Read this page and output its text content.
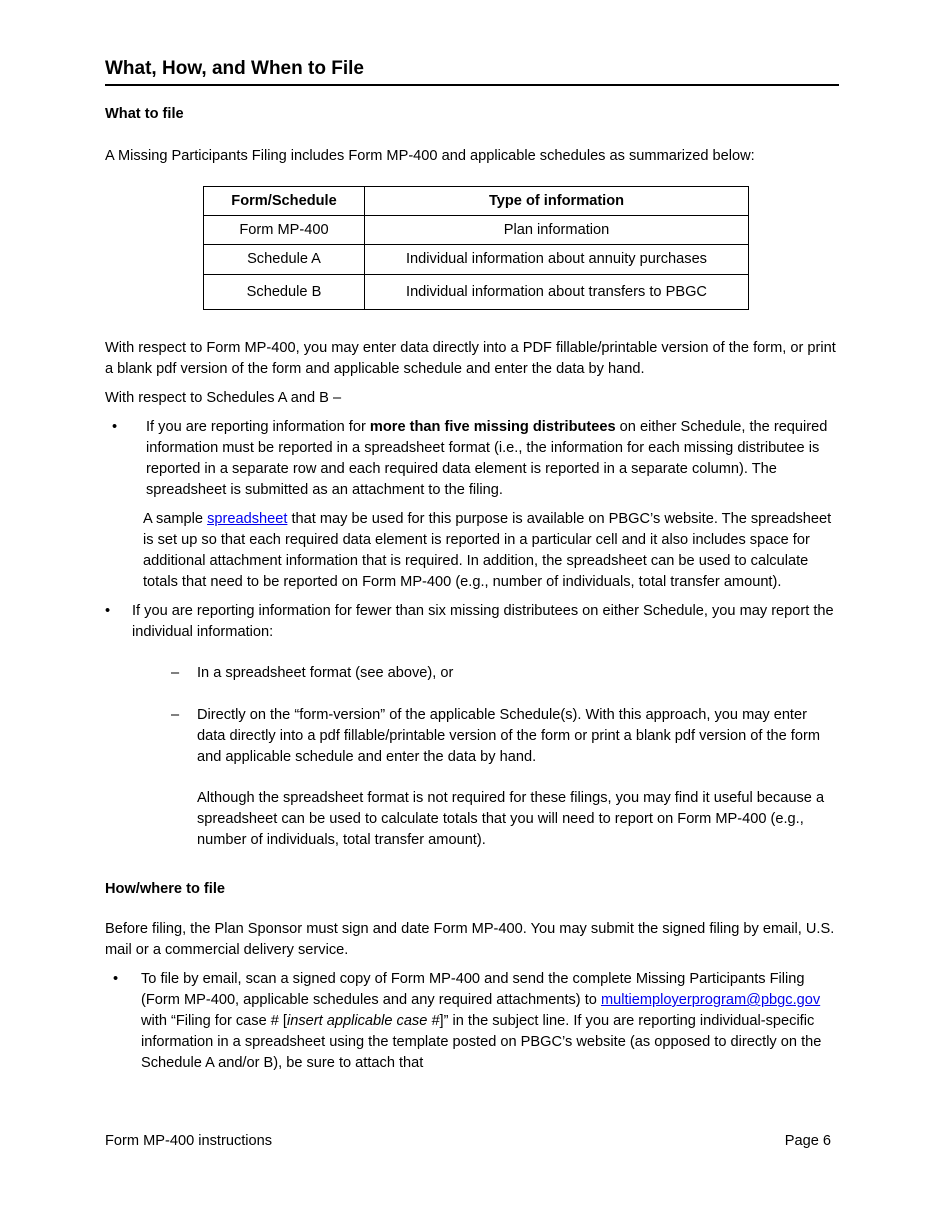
What, How, and When to File

What to file

A Missing Participants Filing includes Form MP-400 and applicable schedules as summarized below:

Form/Schedule	Type of information
Form MP-400	Plan information
Schedule A	Individual information about annuity purchases
Schedule B	Individual information about transfers to PBGC

With respect to Form MP-400, you may enter data directly into a PDF fillable/printable version of the form, or print a blank pdf version of the form and applicable schedule and enter the data by hand.

With respect to Schedules A and B –

• If you are reporting information for more than five missing distributees on either Schedule, the required information must be reported in a spreadsheet format (i.e., the information for each missing distributee is reported in a separate row and each required data element is reported in a separate column). The spreadsheet is submitted as an attachment to the filing.

A sample spreadsheet that may be used for this purpose is available on PBGC’s website. The spreadsheet is set up so that each required data element is reported in a particular cell and it also includes space for additional attachment information that is required. In addition, the spreadsheet can be used to calculate totals that need to be reported on Form MP-400 (e.g., number of individuals, total transfer amount).

• If you are reporting information for fewer than six missing distributees on either Schedule, you may report the individual information:
‒ In a spreadsheet format (see above), or
‒ Directly on the “form-version” of the applicable Schedule(s). With this approach, you may enter data directly into a pdf fillable/printable version of the form or print a blank pdf version of the form and applicable schedule and enter the data by hand.

Although the spreadsheet format is not required for these filings, you may find it useful because a spreadsheet can be used to calculate totals that you will need to report on Form MP-400 (e.g., number of individuals, total transfer amount).

How/where to file

Before filing, the Plan Sponsor must sign and date Form MP-400. You may submit the signed filing by email, U.S. mail or a commercial delivery service.

• To file by email, scan a signed copy of Form MP-400 and send the complete Missing Participants Filing (Form MP-400, applicable schedules and any required attachments) to multiemployerprogram@pbgc.gov with “Filing for case # [insert applicable case #]” in the subject line. If you are reporting individual-specific information in a spreadsheet using the template posted on PBGC’s website (as opposed to directly on the Schedule A and/or B), be sure to attach that
Form MP-400 instructions	Page 6
